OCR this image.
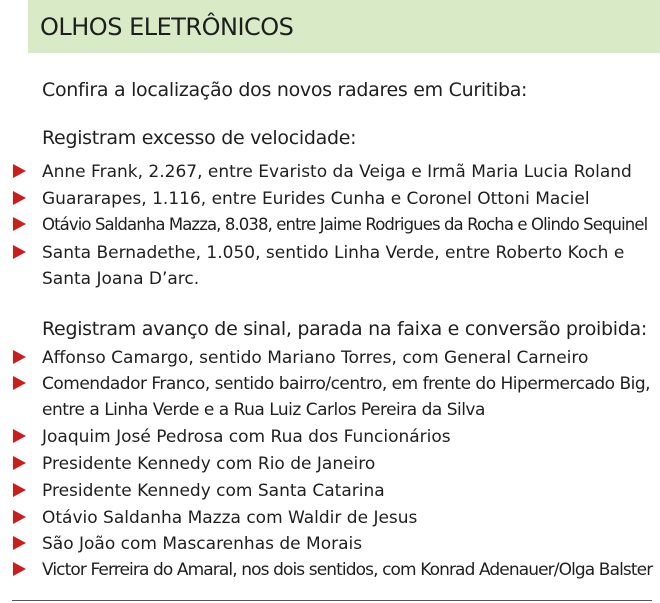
OLHOS ELETRÔNICOS
Confira a localização dos novos radares em Curitiba:
Registram excesso de velocidade:
Anne Frank, 2.267, entre Evaristo da Veiga e Irmã Maria Lucia Roland
Guararapes, 1.116, entre Eurides Cunha e Coronel Ottoni Maciel
Otávio Saldanha Mazza, 8.038, entre Jaime Rodrigues da Rocha e Olindo Sequinel
Santa Bernadethe, 1.050, sentido Linha Verde, entre Roberto Koch e Santa Joana D’arc.
Registram avanço de sinal, parada na faixa e conversão proibida:
Affonso Camargo, sentido Mariano Torres, com General Carneiro
Comendador Franco, sentido bairro/centro, em frente do Hipermercado Big, entre a Linha Verde e a Rua Luiz Carlos Pereira da Silva
Joaquim José Pedrosa com Rua dos Funcionários
Presidente Kennedy com Rio de Janeiro
Presidente Kennedy com Santa Catarina
Otávio Saldanha Mazza com Waldir de Jesus
São João com Mascarenhas de Morais
Victor Ferreira do Amaral, nos dois sentidos, com Konrad Adenauer/Olga Balster
